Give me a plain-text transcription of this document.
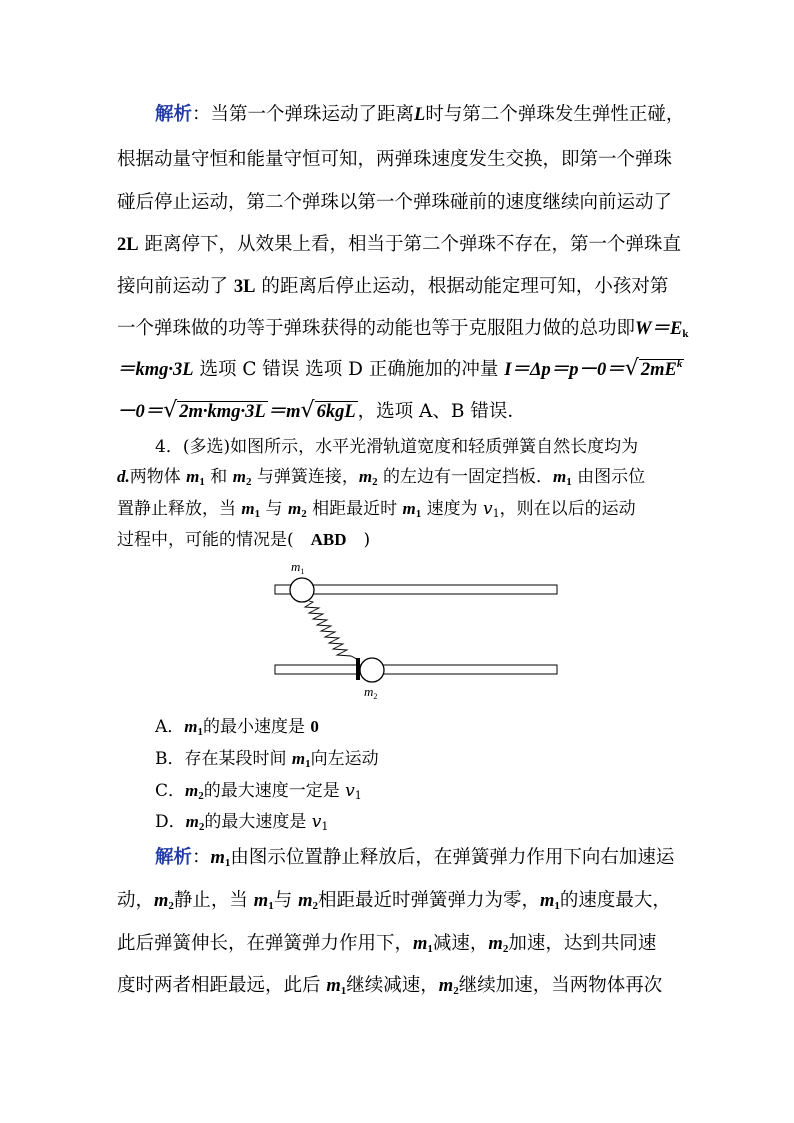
解析：当第一个弹珠运动了距离L时与第二个弹珠发生弹性正碰，
根据动量守恒和能量守恒可知，两弹珠速度发生交换，即第一个弹珠
碰后停止运动，第二个弹珠以第一个弹珠碰前的速度继续向前运动了
2L 距离停下，从效果上看，相当于第二个弹珠不存在，第一个弹珠直
接向前运动了 3L 的距离后停止运动，根据动能定理可知，小孩对第
一个弹珠做的功等于弹珠获得的动能也等于克服阻力做的总功即$W=E_k$
＝kmg·3L 选项 C 错误 选项 D 正确施加的冲量 I＝Δp＝p－0＝√ $2mE^k$
－0＝√ 2m·kmg·3L ＝m√ 6kgL ，选项 A、B 错误．
4．(多选)如图所示，水平光滑轨道宽度和轻质弹簧自然长度均为
d.两物体 $m_1$ 和 $m_2$ 与弹簧连接，$m_2$ 的左边有一固定挡板．$m_1$ 由图示位
置静止释放，当 $m_1$ 与 $m_2$ 相距最近时 $m_1$ 速度为 $v_1$，则在以后的运动
过程中，可能的情况是(　ABD　)
$m_1$
$m_2$
A．$m_1$的最小速度是 0
B．存在某段时间 $m_1$向左运动
C．$m_2$的最大速度一定是 $v_1$
D．$m_2$的最大速度是 $v_1$
解析：$m_1$由图示位置静止释放后，在弹簧弹力作用下向右加速运
动，$m_2$静止，当 $m_1$与 $m_2$相距最近时弹簧弹力为零，$m_1$的速度最大，
此后弹簧伸长，在弹簧弹力作用下，$m_1$减速，$m_2$加速，达到共同速
度时两者相距最远，此后 $m_1$继续减速，$m_2$继续加速，当两物体再次
